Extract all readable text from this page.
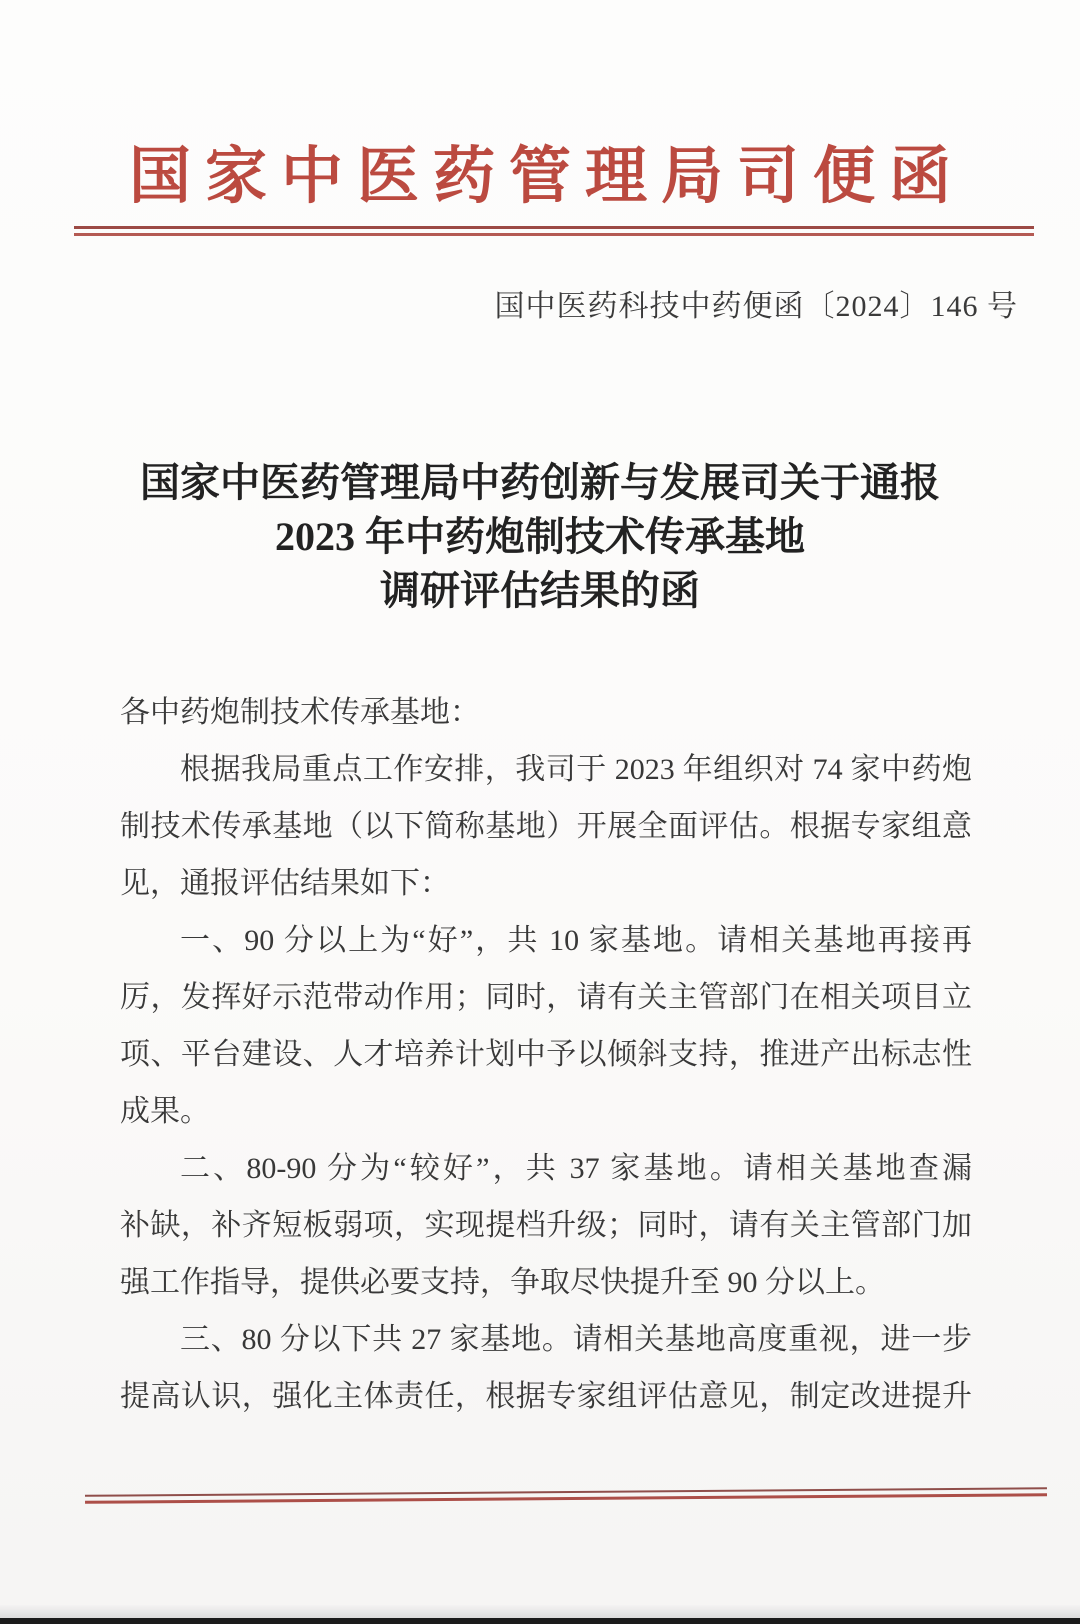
国家中医药管理局司便函
国中医药科技中药便函〔2024〕146 号
国家中医药管理局中药创新与发展司关于通报
2023 年中药炮制技术传承基地
调研评估结果的函
各中药炮制技术传承基地：
根据我局重点工作安排，我司于 2023 年组织对 74 家中药炮
制技术传承基地（以下简称基地）开展全面评估。根据专家组意
见，通报评估结果如下：
一、90 分以上为“好”，共 10 家基地。请相关基地再接再
厉，发挥好示范带动作用；同时，请有关主管部门在相关项目立
项、平台建设、人才培养计划中予以倾斜支持，推进产出标志性
成果。
二、80-90 分为“较好”，共 37 家基地。请相关基地查漏
补缺，补齐短板弱项，实现提档升级；同时，请有关主管部门加
强工作指导，提供必要支持，争取尽快提升至 90 分以上。
三、80 分以下共 27 家基地。请相关基地高度重视，进一步
提高认识，强化主体责任，根据专家组评估意见，制定改进提升
